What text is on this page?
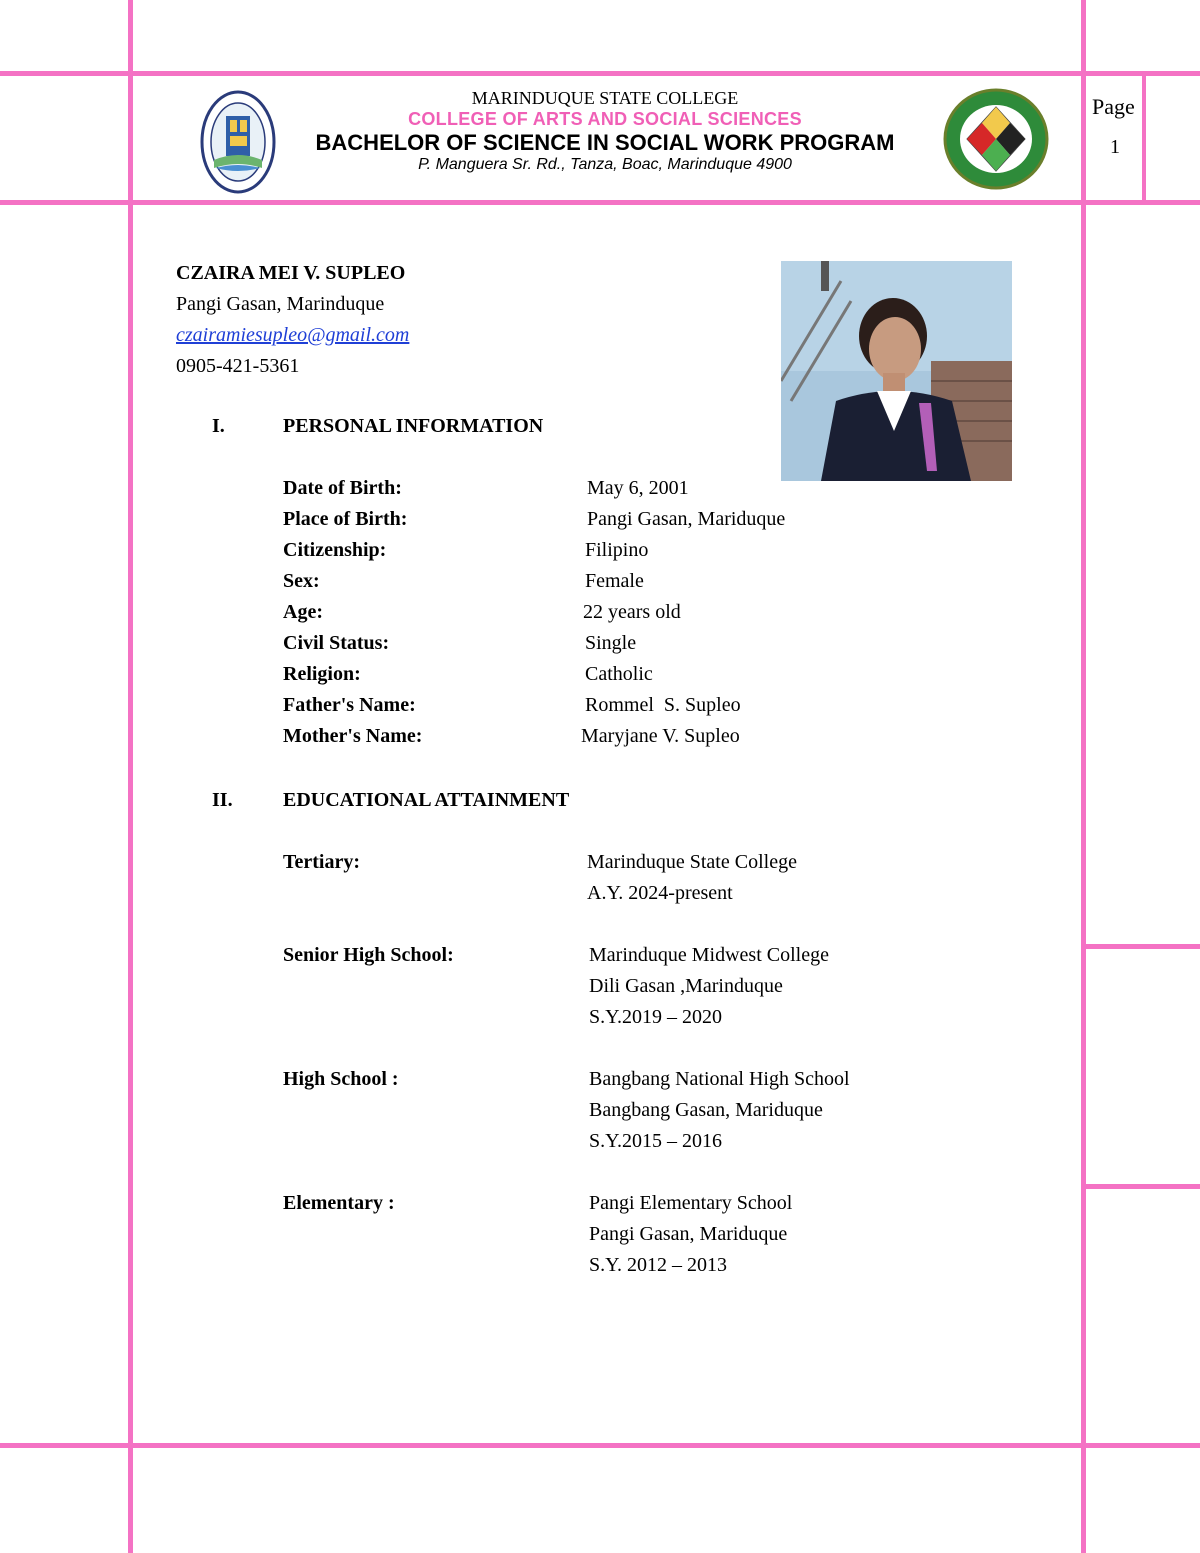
MARINDUQUE STATE COLLEGE
COLLEGE OF ARTS AND SOCIAL SCIENCES
BACHELOR OF SCIENCE IN SOCIAL WORK PROGRAM
P. Manguera Sr. Rd., Tanza, Boac, Marinduque 4900
Page
1
CZAIRA MEI V. SUPLEO
Pangi Gasan, Marinduque
czairamiesupleo@gmail.com
0905-421-5361
I.	PERSONAL INFORMATION
Date of Birth:	May 6, 2001
Place of Birth:	Pangi Gasan, Mariduque
Citizenship:	Filipino
Sex:	Female
Age:	22 years old
Civil Status:	Single
Religion:	Catholic
Father's Name:	Rommel  S. Supleo
Mother's Name:	Maryjane V. Supleo
II.	EDUCATIONAL ATTAINMENT
Tertiary:	Marinduque State College
A.Y. 2024-present
Senior High School:	Marinduque Midwest College
Dili Gasan ,Marinduque
S.Y.2019 – 2020
High School :	Bangbang National High School
Bangbang Gasan, Mariduque
S.Y.2015 – 2016
Elementary :	Pangi Elementary School
Pangi Gasan, Mariduque
S.Y. 2012 – 2013
